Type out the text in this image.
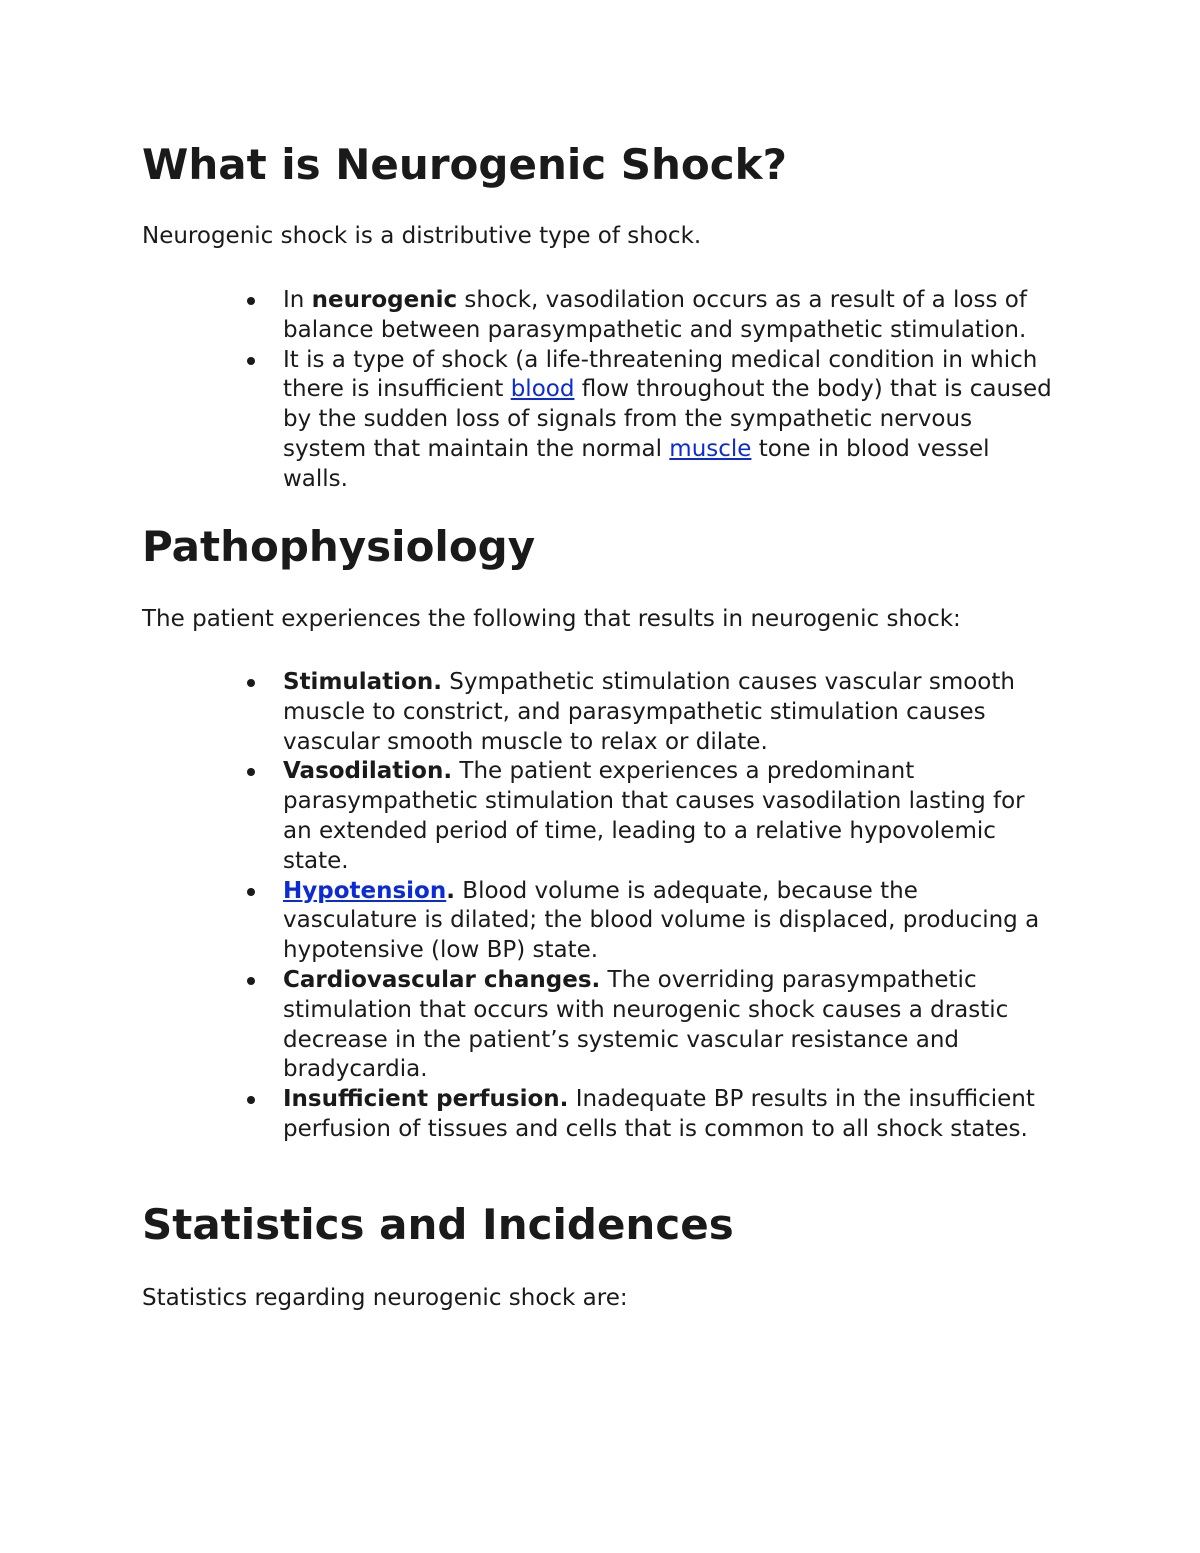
What is Neurogenic Shock?

Neurogenic shock is a distributive type of shock.

In neurogenic shock, vasodilation occurs as a result of a loss of balance between parasympathetic and sympathetic stimulation.
It is a type of shock (a life-threatening medical condition in which there is insufficient blood flow throughout the body) that is caused by the sudden loss of signals from the sympathetic nervous system that maintain the normal muscle tone in blood vessel walls.
Pathophysiology

The patient experiences the following that results in neurogenic shock:

Stimulation. Sympathetic stimulation causes vascular smooth muscle to constrict, and parasympathetic stimulation causes vascular smooth muscle to relax or dilate.
Vasodilation. The patient experiences a predominant parasympathetic stimulation that causes vasodilation lasting for an extended period of time, leading to a relative hypovolemic state.
Hypotension. Blood volume is adequate, because the vasculature is dilated; the blood volume is displaced, producing a hypotensive (low BP) state.
Cardiovascular changes. The overriding parasympathetic stimulation that occurs with neurogenic shock causes a drastic decrease in the patient’s systemic vascular resistance and bradycardia.
Insufficient perfusion. Inadequate BP results in the insufficient perfusion of tissues and cells that is common to all shock states.
Statistics and Incidences

Statistics regarding neurogenic shock are:
